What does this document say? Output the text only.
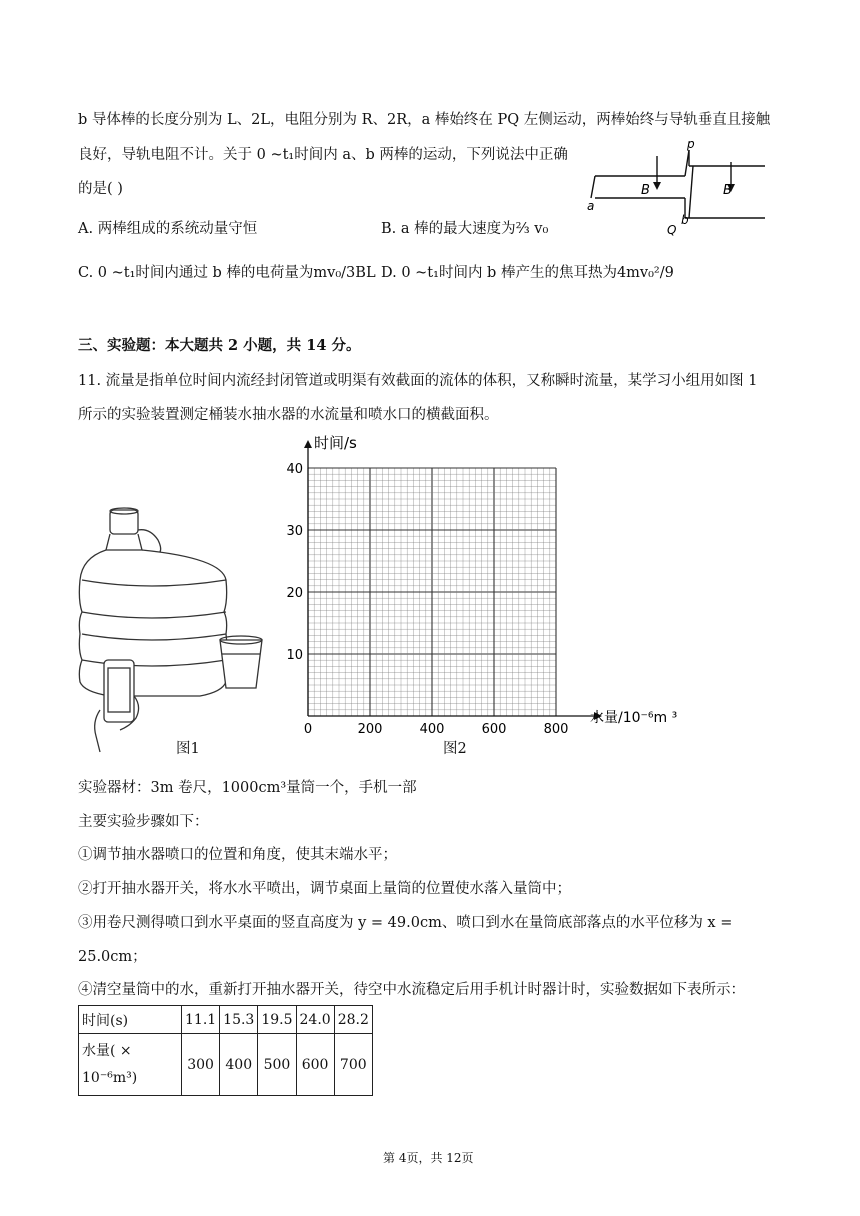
b 导体棒的长度分别为 L、2L，电阻分别为 R、2R，a 棒始终在 PQ 左侧运动，两棒始终与导轨垂直且接触
良好，导轨电阻不计。关于 0 ~t₁时间内 a、b 两棒的运动，下列说法中正确
的是( )
A. 两棒组成的系统动量守恒	B. a 棒的最大速度为⅔ v₀
C. 0 ~t₁时间内通过 b 棒的电荷量为mv₀/3BL D. 0 ~t₁时间内 b 棒产生的焦耳热为4mv₀²/9
p
Q
a
b
B	B
三、实验题：本大题共 2 小题，共 14 分。
11. 流量是指单位时间内流经封闭管道或明渠有效截面的流体的体积，又称瞬时流量，某学习小组用如图 1
所示的实验装置测定桶装水抽水器的水流量和喷水口的横截面积。
图1
0	200	400	600	800
10
20
30
40
时间/s
水量/10⁻⁶m ³
图2
实验器材：3m 卷尺，1000cm³量筒一个，手机一部
主要实验步骤如下：
①调节抽水器喷口的位置和角度，使其末端水平；
②打开抽水器开关，将水水平喷出，调节桌面上量筒的位置使水落入量筒中；
③用卷尺测得喷口到水平桌面的竖直高度为 y = 49.0cm、喷口到水在量筒底部落点的水平位移为 x =
25.0cm；
④清空量筒中的水，重新打开抽水器开关，待空中水流稳定后用手机计时器计时，实验数据如下表所示：
时间(s)	11.1	15.3	19.5	24.0	28.2
水量( ×
10⁻⁶m³)	300	400	500	600	700
第 4页，共 12页
